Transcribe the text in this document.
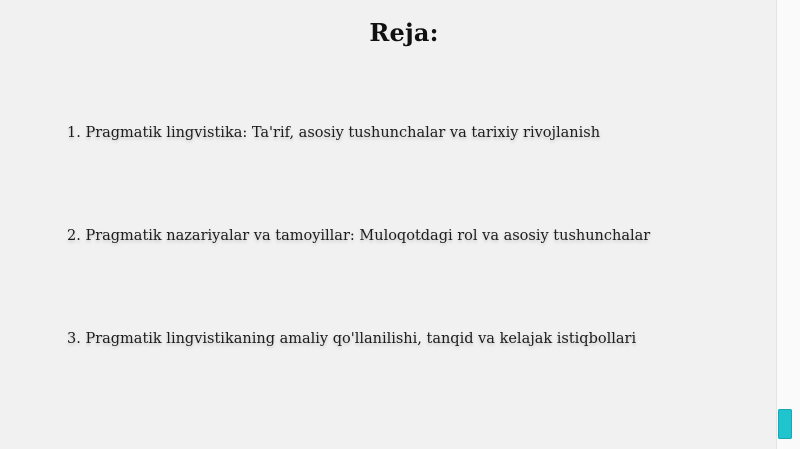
Reja:
1. Pragmatik lingvistika: Ta'rif, asosiy tushunchalar va tarixiy rivojlanish
2. Pragmatik nazariyalar va tamoyillar: Muloqotdagi rol va asosiy tushunchalar
3. Pragmatik lingvistikaning amaliy qo'llanilishi, tanqid va kelajak istiqbollari
